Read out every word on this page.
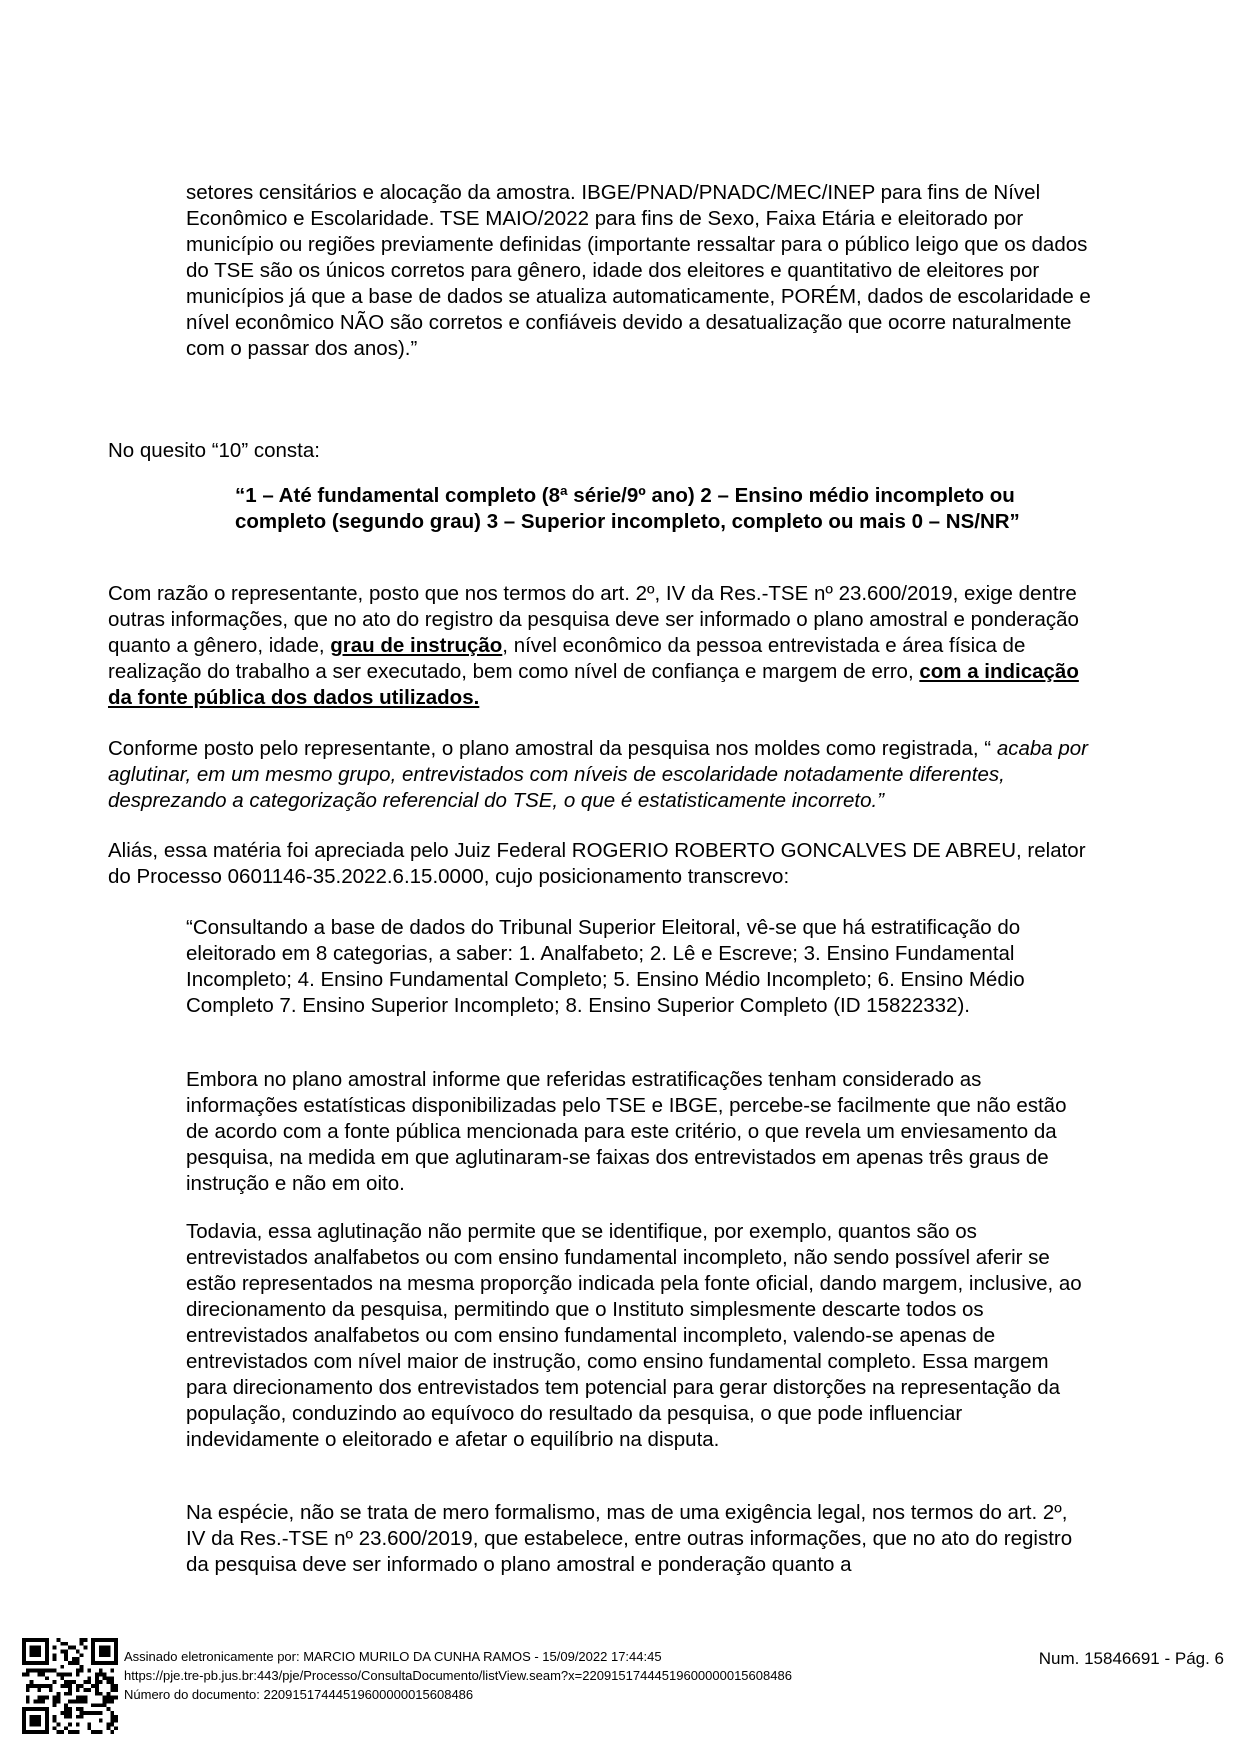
setores censitários e alocação da amostra. IBGE/PNAD/PNADC/MEC/INEP para fins de Nível Econômico e Escolaridade. TSE MAIO/2022 para fins de Sexo, Faixa Etária e eleitorado por município ou regiões previamente definidas (importante ressaltar para o público leigo que os dados do TSE são os únicos corretos para gênero, idade dos eleitores e quantitativo de eleitores por municípios já que a base de dados se atualiza automaticamente, PORÉM, dados de escolaridade e nível econômico NÃO são corretos e confiáveis devido a desatualização que ocorre naturalmente com o passar dos anos).”

No quesito “10” consta:

“1 – Até fundamental completo (8ª série/9º ano) 2 – Ensino médio incompleto ou completo (segundo grau) 3 – Superior incompleto, completo ou mais 0 – NS/NR”

Com razão o representante, posto que nos termos do art. 2º, IV da Res.-TSE nº 23.600/2019, exige dentre outras informações, que no ato do registro da pesquisa deve ser informado o plano amostral e ponderação quanto a gênero, idade, grau de instrução, nível econômico da pessoa entrevistada e área física de realização do trabalho a ser executado, bem como nível de confiança e margem de erro, com a indicação da fonte pública dos dados utilizados.

Conforme posto pelo representante, o plano amostral da pesquisa nos moldes como registrada, “ acaba por aglutinar, em um mesmo grupo, entrevistados com níveis de escolaridade notadamente diferentes, desprezando a categorização referencial do TSE, o que é estatisticamente incorreto.”

Aliás, essa matéria foi apreciada pelo Juiz Federal ROGERIO ROBERTO GONCALVES DE ABREU, relator do Processo 0601146-35.2022.6.15.0000, cujo posicionamento transcrevo:

“Consultando a base de dados do Tribunal Superior Eleitoral, vê-se que há estratificação do eleitorado em 8 categorias, a saber: 1. Analfabeto; 2. Lê e Escreve; 3. Ensino Fundamental Incompleto; 4. Ensino Fundamental Completo; 5. Ensino Médio Incompleto; 6. Ensino Médio Completo 7. Ensino Superior Incompleto; 8. Ensino Superior Completo (ID 15822332).

Embora no plano amostral informe que referidas estratificações tenham considerado as informações estatísticas disponibilizadas pelo TSE e IBGE, percebe-se facilmente que não estão de acordo com a fonte pública mencionada para este critério, o que revela um enviesamento da pesquisa, na medida em que aglutinaram-se faixas dos entrevistados em apenas três graus de instrução e não em oito.

Todavia, essa aglutinação não permite que se identifique, por exemplo, quantos são os entrevistados analfabetos ou com ensino fundamental incompleto, não sendo possível aferir se estão representados na mesma proporção indicada pela fonte oficial, dando margem, inclusive, ao direcionamento da pesquisa, permitindo que o Instituto simplesmente descarte todos os entrevistados analfabetos ou com ensino fundamental incompleto, valendo-se apenas de entrevistados com nível maior de instrução, como ensino fundamental completo. Essa margem para direcionamento dos entrevistados tem potencial para gerar distorções na representação da população, conduzindo ao equívoco do resultado da pesquisa, o que pode influenciar indevidamente o eleitorado e afetar o equilíbrio na disputa.

Na espécie, não se trata de mero formalismo, mas de uma exigência legal, nos termos do art. 2º, IV da Res.-TSE nº 23.600/2019, que estabelece, entre outras informações, que no ato do registro da pesquisa deve ser informado o plano amostral e ponderação quanto a

Assinado eletronicamente por: MARCIO MURILO DA CUNHA RAMOS - 15/09/2022 17:44:45
https://pje.tre-pb.jus.br:443/pje/Processo/ConsultaDocumento/listView.seam?x=22091517444519600000015608486
Número do documento: 22091517444519600000015608486
Num. 15846691 - Pág. 6
